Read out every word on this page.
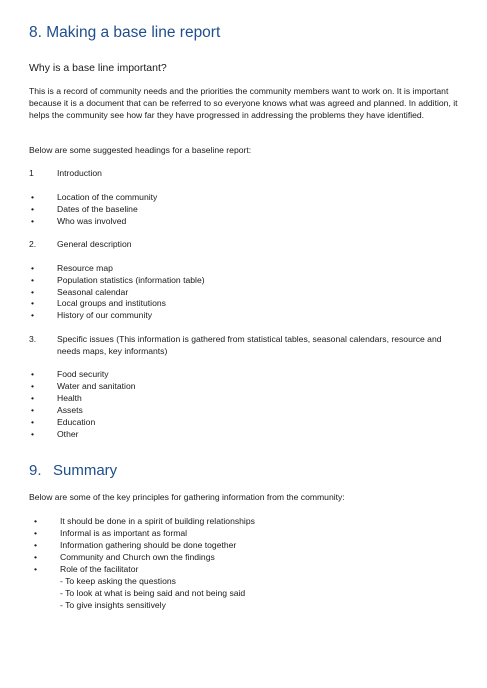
8. Making a base line report
Why is a base line important?
This is a record of community needs and the priorities the community members want to work on. It is important because it is a document that can be referred to so everyone knows what was agreed and planned. In addition, it helps the community see how far they have progressed in addressing the problems they have identified.
Below are some suggested headings for a baseline report:
1	Introduction
•	Location of the community
•	Dates of the baseline
•	Who was involved
2. General description
•	Resource map
•	Population statistics (information table)
•	Seasonal calendar
•	Local groups and institutions
•	History of our community
3. Specific issues (This information is gathered from statistical tables, seasonal calendars, resource and needs maps, key informants)
•	Food security
•	Water and sanitation
•	Health
•	Assets
•	Education
•	Other
9. Summary
Below are some of the key principles for gathering information from the community:
•	It should be done in a spirit of building relationships
•	Informal is as important as formal
•	Information gathering should be done together
•	Community and Church own the findings
•	Role of the facilitator
- To keep asking the questions
- To look at what is being said and not being said
- To give insights sensitively
